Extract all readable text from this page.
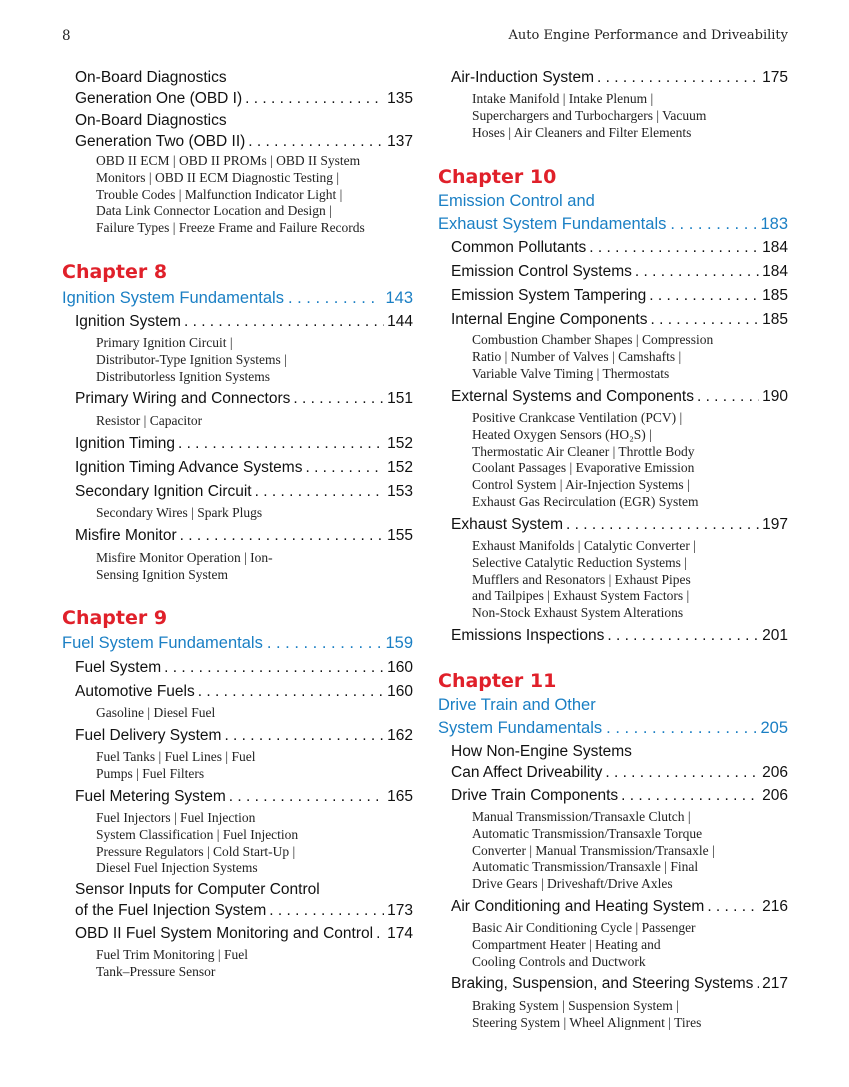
8	Auto Engine Performance and Driveability
On-Board Diagnostics
Generation One (OBD I) . . .	135
On-Board Diagnostics
Generation Two (OBD II) . . .	137
OBD II ECM | OBD II PROMs | OBD II System
Monitors | OBD II ECM Diagnostic Testing |
Trouble Codes | Malfunction Indicator Light |
Data Link Connector Location and Design |
Failure Types | Freeze Frame and Failure Records
Chapter 8
Ignition System Fundamentals . . .	143
Ignition System . . .	144
Primary Ignition Circuit |
Distributor-Type Ignition Systems |
Distributorless Ignition Systems
Primary Wiring and Connectors . . .	151
Resistor | Capacitor
Ignition Timing . . .	152
Ignition Timing Advance Systems . . .	152
Secondary Ignition Circuit . . .	153
Secondary Wires | Spark Plugs
Misfire Monitor . . .	155
Misfire Monitor Operation | Ion-
Sensing Ignition System
Chapter 9
Fuel System Fundamentals . . .	159
Fuel System . . .	160
Automotive Fuels . . .	160
Gasoline | Diesel Fuel
Fuel Delivery System . . .	162
Fuel Tanks | Fuel Lines | Fuel
Pumps | Fuel Filters
Fuel Metering System . . .	165
Fuel Injectors | Fuel Injection
System Classification | Fuel Injection
Pressure Regulators | Cold Start-Up |
Diesel Fuel Injection Systems
Sensor Inputs for Computer Control
of the Fuel Injection System . . .	173
OBD II Fuel System Monitoring and Control . . . 174
Fuel Trim Monitoring | Fuel
Tank–Pressure Sensor
Air-Induction System . . .	175
Intake Manifold | Intake Plenum |
Superchargers and Turbochargers | Vacuum
Hoses | Air Cleaners and Filter Elements
Chapter 10
Emission Control and
Exhaust System Fundamentals . . .	183
Common Pollutants . . .	184
Emission Control Systems . . .	184
Emission System Tampering . . .	185
Internal Engine Components . . .	185
Combustion Chamber Shapes | Compression
Ratio | Number of Valves | Camshafts |
Variable Valve Timing | Thermostats
External Systems and Components . . .	190
Positive Crankcase Ventilation (PCV) |
Heated Oxygen Sensors (HO₂S) |
Thermostatic Air Cleaner | Throttle Body
Coolant Passages | Evaporative Emission
Control System | Air-Injection Systems |
Exhaust Gas Recirculation (EGR) System
Exhaust System . . .	197
Exhaust Manifolds | Catalytic Converter |
Selective Catalytic Reduction Systems |
Mufflers and Resonators | Exhaust Pipes
and Tailpipes | Exhaust System Factors |
Non-Stock Exhaust System Alterations
Emissions Inspections . . .	201
Chapter 11
Drive Train and Other
System Fundamentals . . .	205
How Non-Engine Systems
Can Affect Driveability . . .	206
Drive Train Components . . .	206
Manual Transmission/Transaxle Clutch |
Automatic Transmission/Transaxle Torque
Converter | Manual Transmission/Transaxle |
Automatic Transmission/Transaxle | Final
Drive Gears | Driveshaft/Drive Axles
Air Conditioning and Heating System . . .	216
Basic Air Conditioning Cycle | Passenger
Compartment Heater | Heating and
Cooling Controls and Ductwork
Braking, Suspension, and Steering Systems . . . 217
Braking System | Suspension System |
Steering System | Wheel Alignment | Tires
